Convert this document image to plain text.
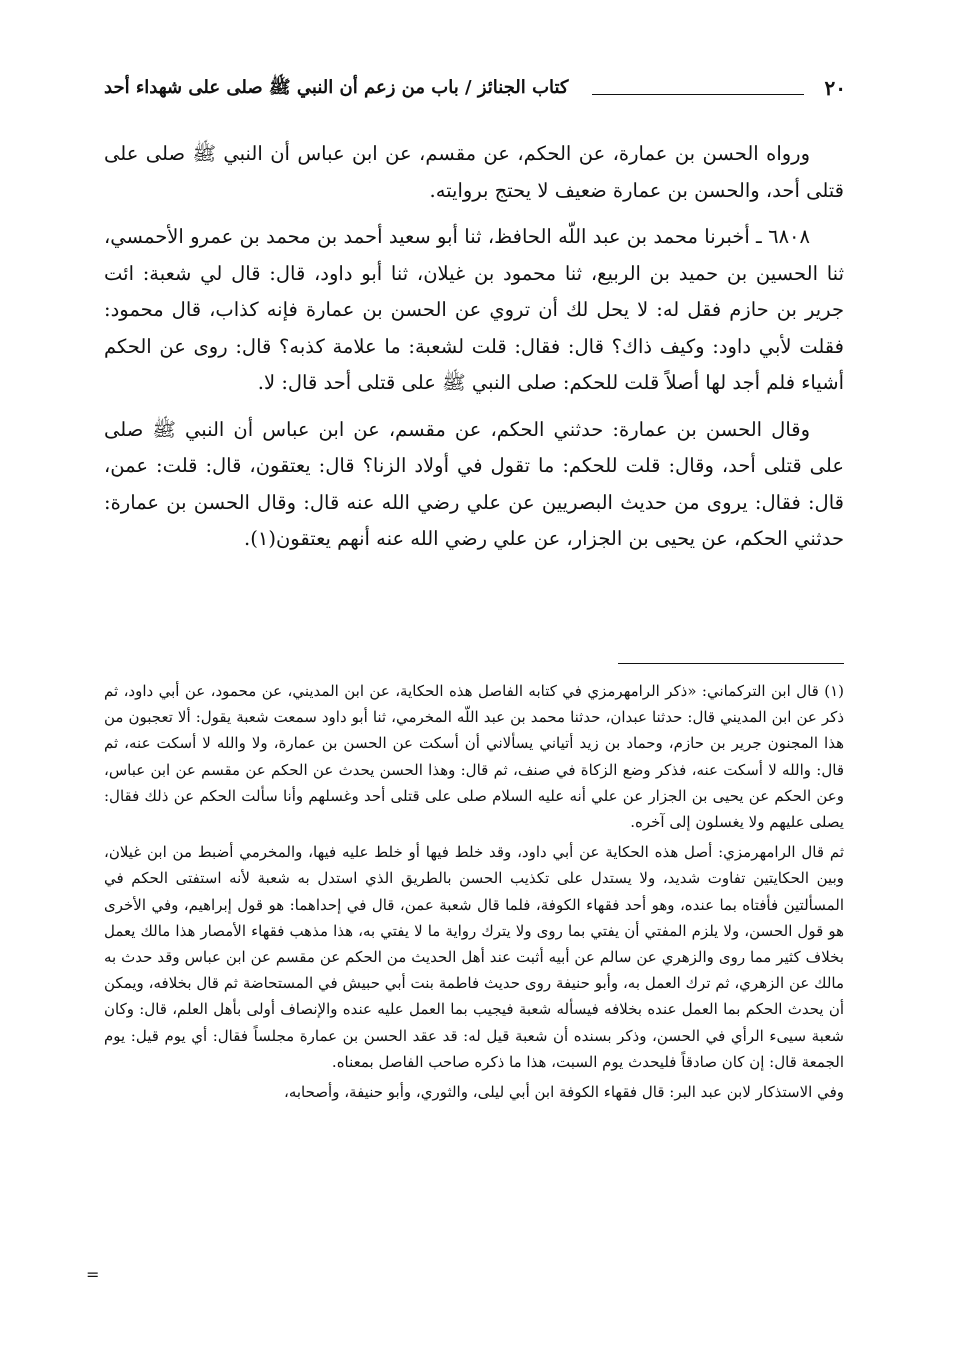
٢٠
كتاب الجنائز / باب من زعم أن النبي ﷺ صلى على شهداء أحد

ورواه الحسن بن عمارة، عن الحكم، عن مقسم، عن ابن عباس أن النبي ﷺ صلى على قتلى أحد، والحسن بن عمارة ضعيف لا يحتج بروايته.

٦٨٠٨ ـ أخبرنا محمد بن عبد اللّه الحافظ، ثنا أبو سعيد أحمد بن محمد بن عمرو الأحمسي، ثنا الحسين بن حميد بن الربيع، ثنا محمود بن غيلان، ثنا أبو داود، قال: قال لي شعبة: ائت جرير بن حازم فقل له: لا يحل لك أن تروي عن الحسن بن عمارة فإنه كذاب، قال محمود: فقلت لأبي داود: وكيف ذاك؟ قال: فقال: قلت لشعبة: ما علامة كذبه؟ قال: روى عن الحكم أشياء فلم أجد لها أصلاً قلت للحكم: صلى النبي ﷺ على قتلى أحد قال: لا.

وقال الحسن بن عمارة: حدثني الحكم، عن مقسم، عن ابن عباس أن النبي ﷺ صلى على قتلى أحد، وقال: قلت للحكم: ما تقول في أولاد الزنا؟ قال: يعتقون، قال: قلت: عمن، قال: فقال: يروى من حديث البصريين عن علي رضي الله عنه قال: وقال الحسن بن عمارة: حدثني الحكم، عن يحيى بن الجزار، عن علي رضي الله عنه أنهم يعتقون(١).

(١) قال ابن التركماني: «ذكر الرامهرمزي في كتابه الفاصل هذه الحكاية، عن ابن المديني، عن محمود، عن أبي داود، ثم ذكر عن ابن المديني قال: حدثنا عبدان، حدثنا محمد بن عبد اللّه المخرمي، ثنا أبو داود سمعت شعبة يقول: ألا تعجبون من هذا المجنون جرير بن حازم، وحماد بن زيد أتياني يسألاني أن أسكت عن الحسن بن عمارة، ولا والله لا أسكت عنه، ثم قال: والله لا أسكت عنه، فذكر وضع الزكاة في صنف، ثم قال: وهذا الحسن يحدث عن الحكم عن مقسم عن ابن عباس، وعن الحكم عن يحيى بن الجزار عن علي أنه عليه السلام صلى على قتلى أحد وغسلهم وأنا سألت الحكم عن ذلك فقال: يصلى عليهم ولا يغسلون إلى آخره.

ثم قال الرامهرمزي: أصل هذه الحكاية عن أبي داود، وقد خلط فيها أو خلط عليه فيها، والمخرمي أضبط من ابن غيلان، وبين الحكايتين تفاوت شديد، ولا يستدل على تكذيب الحسن بالطريق الذي استدل به شعبة لأنه استفتى الحكم في المسألتين فأفتاه بما عنده، وهو أحد فقهاء الكوفة، فلما قال شعبة عمن، قال في إحداهما: هو قول إبراهيم، وفي الأخرى هو قول الحسن، ولا يلزم المفتي أن يفتي بما روى ولا يترك رواية ما لا يفتي به، هذا مذهب فقهاء الأمصار هذا مالك يعمل بخلاف كثير مما روى والزهري عن سالم عن أبيه أثبت عند أهل الحديث من الحكم عن مقسم عن ابن عباس وقد حدث به مالك عن الزهري، ثم ترك العمل به، وأبو حنيفة روى حديث فاطمة بنت أبي حبيش في المستحاضة ثم قال بخلافه، ويمكن أن يحدث الحكم بما العمل عنده بخلافه فيسأله شعبة فيجيب بما العمل عليه عنده والإنصاف أولى بأهل العلم، قال: وكان شعبة سيىء الرأي في الحسن، وذكر بسنده أن شعبة قيل له: قد عقد الحسن بن عمارة مجلساً فقال: أي يوم قيل: يوم الجمعة قال: إن كان صادقاً فليحدث يوم السبت، هذا ما ذكره صاحب الفاصل بمعناه.

وفي الاستذكار لابن عبد البر: قال فقهاء الكوفة ابن أبي ليلى، والثوري، وأبو حنيفة، وأصحابه،

=
